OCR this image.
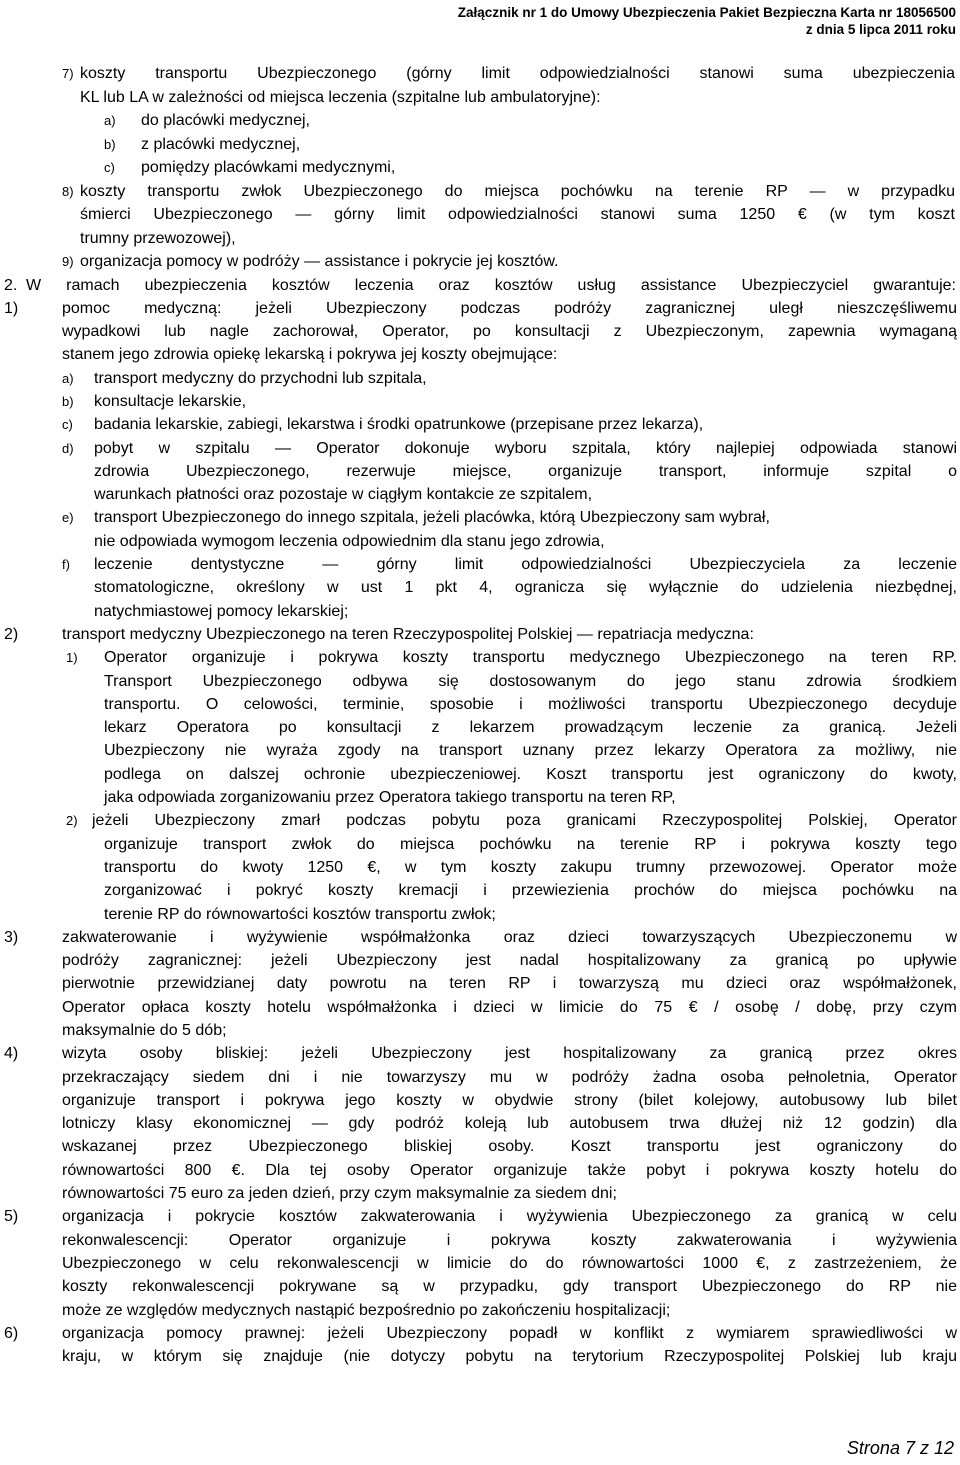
Załącznik nr 1 do Umowy Ubezpieczenia Pakiet Bezpieczna Karta nr 18056500
z dnia 5 lipca 2011 roku
7) koszty transportu Ubezpieczonego (górny limit odpowiedzialności stanowi suma ubezpieczenia
KL lub LA w zależności od miejsca leczenia (szpitalne lub ambulatoryjne):
a) do placówki medycznej,
b) z placówki medycznej,
c) pomiędzy placówkami medycznymi,
8) koszty transportu zwłok Ubezpieczonego do miejsca pochówku na terenie RP — w przypadku
śmierci Ubezpieczonego — górny limit odpowiedzialności stanowi suma 1250 € (w tym koszt
trumny przewozowej),
9) organizacja pomocy w podróży — assistance i pokrycie jej kosztów.
2. W ramach ubezpieczenia kosztów leczenia oraz kosztów usług assistance Ubezpieczyciel gwarantuje:
1)	pomoc medyczną: jeżeli Ubezpieczony podczas podróży zagranicznej uległ nieszczęśliwemu
wypadkowi lub nagle zachorował, Operator, po konsultacji z Ubezpieczonym, zapewnia wymaganą
stanem jego zdrowia opiekę lekarską i pokrywa jej koszty obejmujące:
a) transport medyczny do przychodni lub szpitala,
b) konsultacje lekarskie,
c) badania lekarskie, zabiegi, lekarstwa i środki opatrunkowe (przepisane przez lekarza),
d) pobyt w szpitalu — Operator dokonuje wyboru szpitala, który najlepiej odpowiada stanowi
zdrowia Ubezpieczonego, rezerwuje miejsce, organizuje transport, informuje szpital o
warunkach płatności oraz pozostaje w ciągłym kontakcie ze szpitalem,
e) transport Ubezpieczonego do innego szpitala, jeżeli placówka, którą Ubezpieczony sam wybrał,
nie odpowiada wymogom leczenia odpowiednim dla stanu jego zdrowia,
f) leczenie dentystyczne — górny limit odpowiedzialności Ubezpieczyciela za leczenie
stomatologiczne, określony w ust 1 pkt 4, ogranicza się wyłącznie do udzielenia niezbędnej,
natychmiastowej pomocy lekarskiej;
2)	transport medyczny Ubezpieczonego na teren Rzeczypospolitej Polskiej — repatriacja medyczna:
1) Operator organizuje i pokrywa koszty transportu medycznego Ubezpieczonego na teren RP.
Transport Ubezpieczonego odbywa się dostosowanym do jego stanu zdrowia środkiem
transportu. O celowości, terminie, sposobie i możliwości transportu Ubezpieczonego decyduje
lekarz Operatora po konsultacji z lekarzem prowadzącym leczenie za granicą. Jeżeli
Ubezpieczony nie wyraża zgody na transport uznany przez lekarzy Operatora za możliwy, nie
podlega on dalszej ochronie ubezpieczeniowej. Koszt transportu jest ograniczony do kwoty,
jaka odpowiada zorganizowaniu przez Operatora takiego transportu na teren RP,
2) jeżeli Ubezpieczony zmarł podczas pobytu poza granicami Rzeczypospolitej Polskiej, Operator
organizuje transport zwłok do miejsca pochówku na terenie RP i pokrywa koszty tego
transportu do kwoty 1250 €, w tym koszty zakupu trumny przewozowej. Operator może
zorganizować i pokryć koszty kremacji i przewiezienia prochów do miejsca pochówku na
terenie RP do równowartości kosztów transportu zwłok;
3)	zakwaterowanie i wyżywienie współmałżonka oraz dzieci towarzyszących Ubezpieczonemu w
podróży zagranicznej: jeżeli Ubezpieczony jest nadal hospitalizowany za granicą po upływie
pierwotnie przewidzianej daty powrotu na teren RP i towarzyszą mu dzieci oraz współmałżonek,
Operator opłaca koszty hotelu współmałżonka i dzieci w limicie do 75 € / osobę / dobę, przy czym
maksymalnie do 5 dób;
4)	wizyta osoby bliskiej: jeżeli Ubezpieczony jest hospitalizowany za granicą przez okres
przekraczający siedem dni i nie towarzyszy mu w podróży żadna osoba pełnoletnia, Operator
organizuje transport i pokrywa jego koszty w obydwie strony (bilet kolejowy, autobusowy lub bilet
lotniczy klasy ekonomicznej — gdy podróż koleją lub autobusem trwa dłużej niż 12 godzin) dla
wskazanej przez Ubezpieczonego bliskiej osoby. Koszt transportu jest ograniczony do
równowartości 800 €. Dla tej osoby Operator organizuje także pobyt i pokrywa koszty hotelu do
równowartości 75 euro za jeden dzień, przy czym maksymalnie za siedem dni;
5)	organizacja i pokrycie kosztów zakwaterowania i wyżywienia Ubezpieczonego za granicą w celu
rekonwalescencji: Operator organizuje i pokrywa koszty zakwaterowania i wyżywienia
Ubezpieczonego w celu rekonwalescencji w limicie do do równowartości 1000 €, z zastrzeżeniem, że
koszty rekonwalescencji pokrywane są w przypadku, gdy transport Ubezpieczonego do RP nie
może ze względów medycznych nastąpić bezpośrednio po zakończeniu hospitalizacji;
6)	organizacja pomocy prawnej: jeżeli Ubezpieczony popadł w konflikt z wymiarem sprawiedliwości w
kraju, w którym się znajduje (nie dotyczy pobytu na terytorium Rzeczypospolitej Polskiej lub kraju
Strona 7 z 12
